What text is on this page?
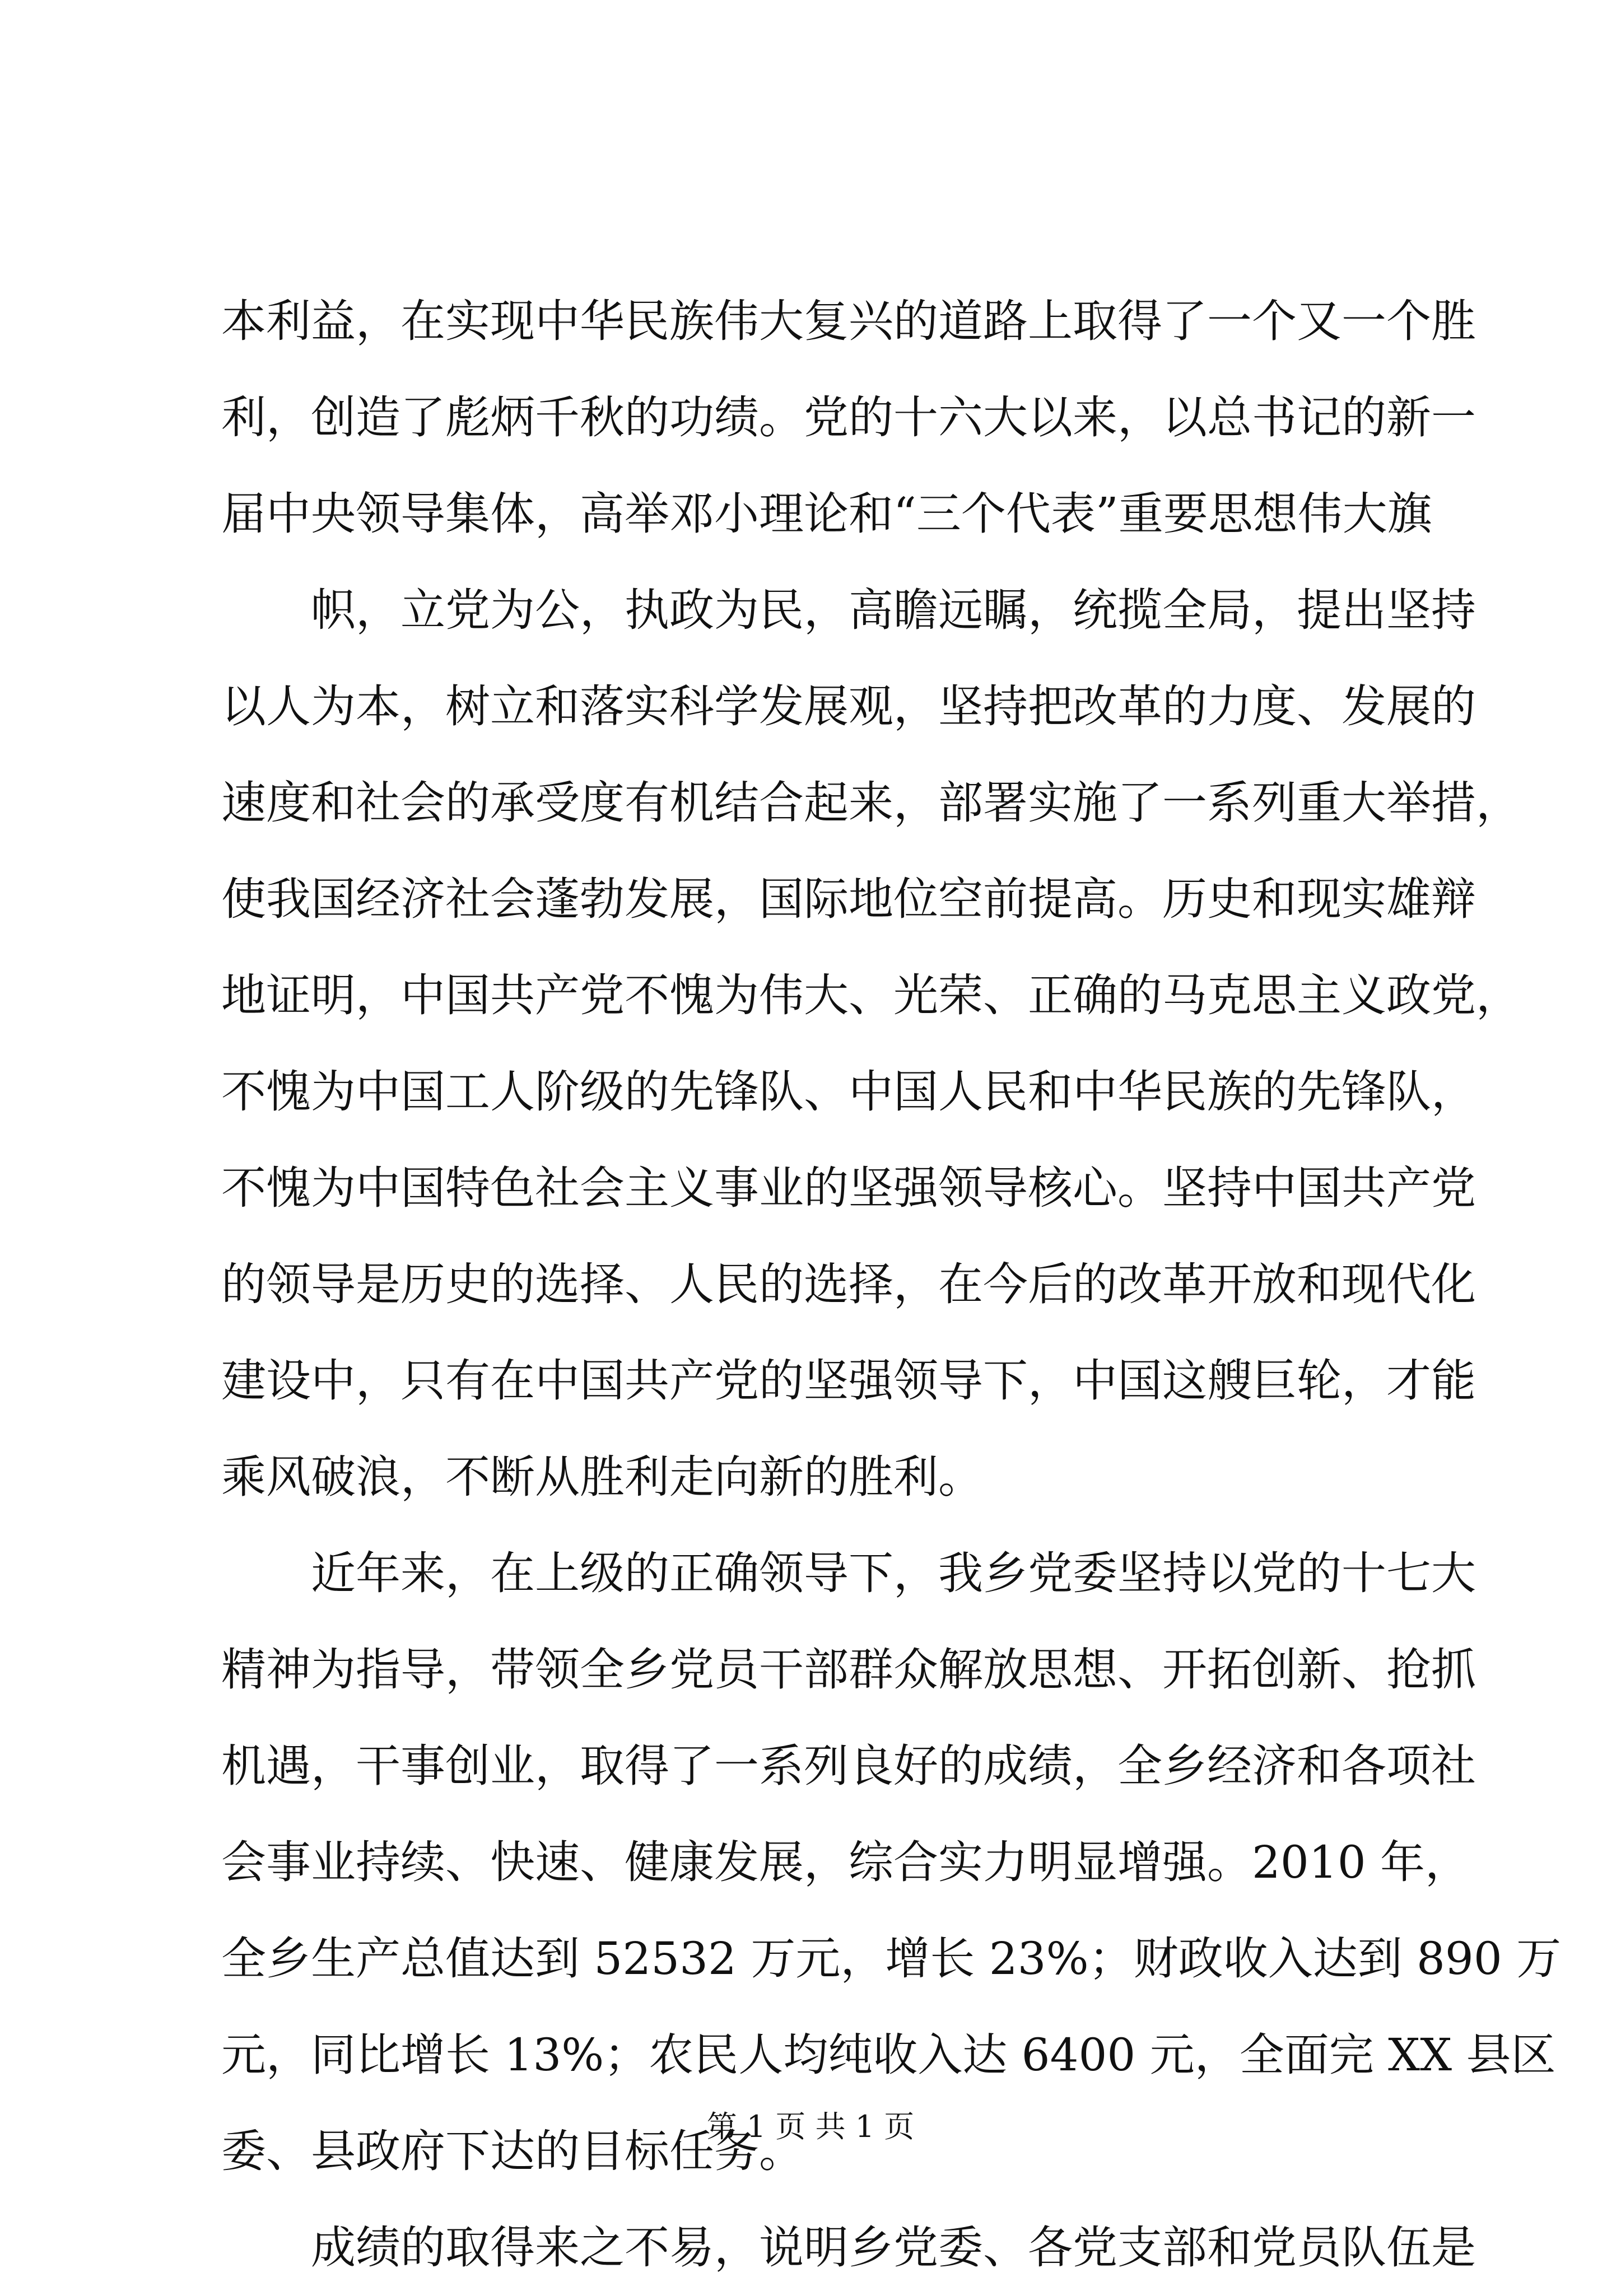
本利益，在实现中华民族伟大复兴的道路上取得了一个又一个胜
利，创造了彪炳千秋的功绩。党的十六大以来，以总书记的新一
届中央领导集体，高举邓小理论和“三个代表”重要思想伟大旗
帜，立党为公，执政为民，高瞻远瞩，统揽全局，提出坚持
以人为本，树立和落实科学发展观，坚持把改革的力度、发展的
速度和社会的承受度有机结合起来，部署实施了一系列重大举措，
使我国经济社会蓬勃发展，国际地位空前提高。历史和现实雄辩
地证明，中国共产党不愧为伟大、光荣、正确的马克思主义政党，
不愧为中国工人阶级的先锋队、中国人民和中华民族的先锋队，
不愧为中国特色社会主义事业的坚强领导核心。坚持中国共产党
的领导是历史的选择、人民的选择，在今后的改革开放和现代化
建设中，只有在中国共产党的坚强领导下，中国这艘巨轮，才能
乘风破浪，不断从胜利走向新的胜利。
近年来，在上级的正确领导下，我乡党委坚持以党的十七大
精神为指导，带领全乡党员干部群众解放思想、开拓创新、抢抓
机遇，干事创业，取得了一系列良好的成绩，全乡经济和各项社
会事业持续、快速、健康发展，综合实力明显增强。2010 年，
全乡生产总值达到 52532 万元，增长 23%；财政收入达到 890 万
元，同比增长 13%；农民人均纯收入达 6400 元，全面完 XX 县区
委、县政府下达的目标任务。
成绩的取得来之不易，说明乡党委、各党支部和党员队伍是
第 1 页 共 1 页
